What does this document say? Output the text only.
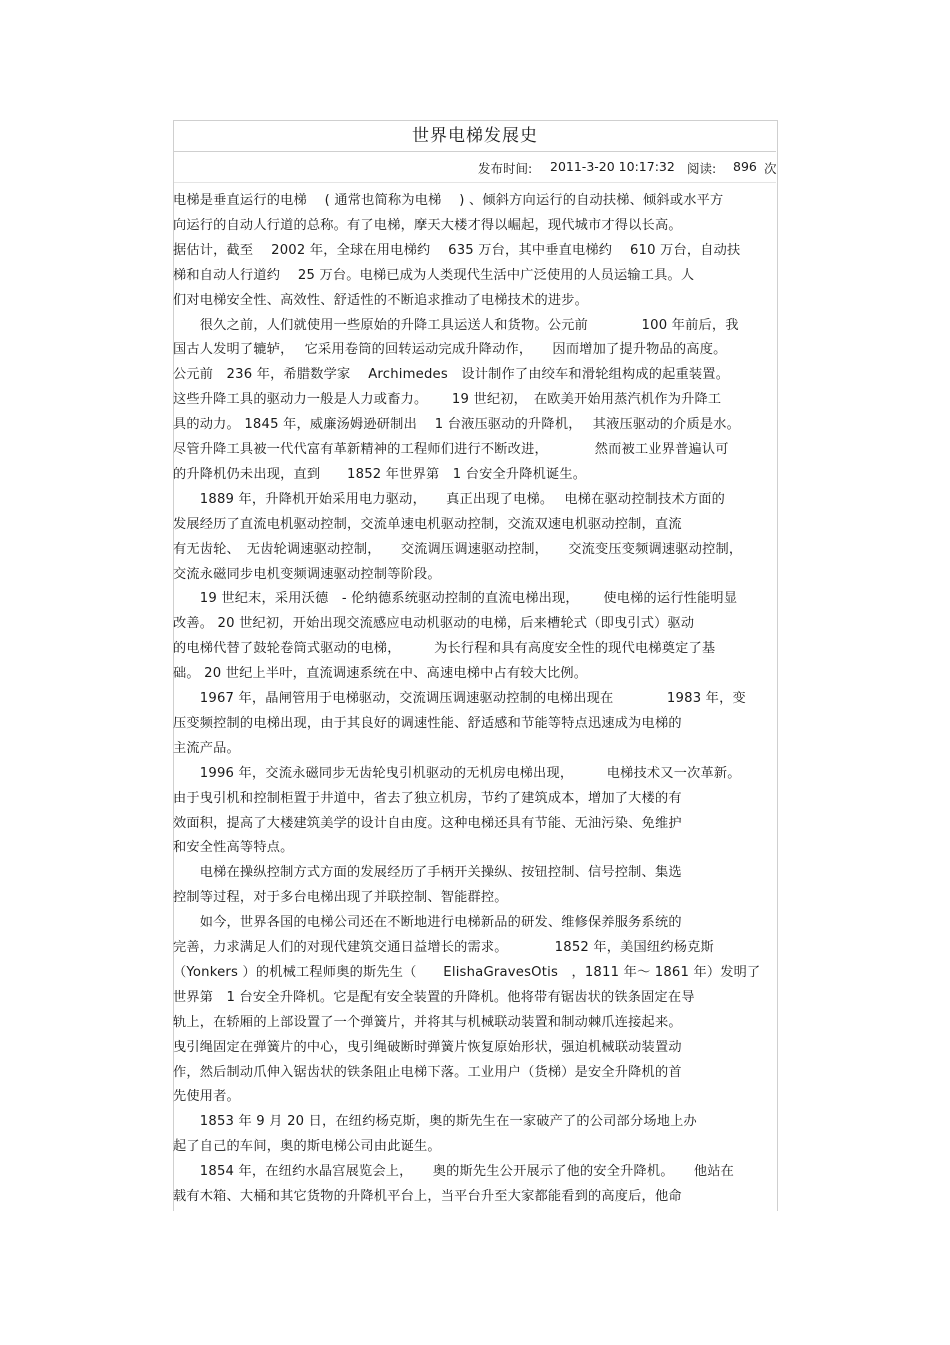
世界电梯发展史
发布时间: 2011-3-20 10:17:32 阅读: 896 次
电梯是垂直运行的电梯　 ( 通常也简称为电梯　 ) 、倾斜方向运行的自动扶梯、倾斜或水平方
向运行的自动人行道的总称。有了电梯，摩天大楼才得以崛起，现代城市才得以长高。
据估计，截至　 2002 年，全球在用电梯约　 635 万台，其中垂直电梯约　 610 万台，自动扶
梯和自动人行道约　 25 万台。电梯已成为人类现代生活中广泛使用的人员运输工具。人
们对电梯安全性、高效性、舒适性的不断追求推动了电梯技术的进步。
　　很久之前，人们就使用一些原始的升降工具运送人和货物。公元前　　　　100 年前后，我
国古人发明了辘轳，　 它采用卷筒的回转运动完成升降动作，　　因而增加了提升物品的高度。
公元前　236 年，希腊数学家　 Archimedes　设计制作了由绞车和滑轮组构成的起重装置。
这些升降工具的驱动力一般是人力或畜力。　　 19 世纪初，　在欧美开始用蒸汽机作为升降工
具的动力。 1845 年，威廉汤姆逊研制出　 1 台液压驱动的升降机，　 其液压驱动的介质是水。
尽管升降工具被一代代富有革新精神的工程师们进行不断改进，　　　　然而被工业界普遍认可
的升降机仍未出现，直到　　1852 年世界第　1 台安全升降机诞生。
　　1889 年，升降机开始采用电力驱动，　　真正出现了电梯。　 电梯在驱动控制技术方面的
发展经历了直流电机驱动控制，交流单速电机驱动控制，交流双速电机驱动控制，直流
有无齿轮、　无齿轮调速驱动控制，　　交流调压调速驱动控制，　　交流变压变频调速驱动控制，
交流永磁同步电机变频调速驱动控制等阶段。
　　19 世纪末，采用沃德　- 伦纳德系统驱动控制的直流电梯出现，　　 使电梯的运行性能明显
改善。 20 世纪初，开始出现交流感应电动机驱动的电梯，后来槽轮式（即曳引式）驱动
的电梯代替了鼓轮卷筒式驱动的电梯，　　　为长行程和具有高度安全性的现代电梯奠定了基
础。 20 世纪上半叶，直流调速系统在中、高速电梯中占有较大比例。
　　1967 年，晶闸管用于电梯驱动，交流调压调速驱动控制的电梯出现在　　　　1983 年，变
压变频控制的电梯出现，由于其良好的调速性能、舒适感和节能等特点迅速成为电梯的
主流产品。
　　1996 年，交流永磁同步无齿轮曳引机驱动的无机房电梯出现，　　　电梯技术又一次革新。
由于曳引机和控制柜置于井道中，省去了独立机房，节约了建筑成本，增加了大楼的有
效面积，提高了大楼建筑美学的设计自由度。这种电梯还具有节能、无油污染、免维护
和安全性高等特点。
　　电梯在操纵控制方式方面的发展经历了手柄开关操纵、按钮控制、信号控制、集选
控制等过程，对于多台电梯出现了并联控制、智能群控。
　　如今，世界各国的电梯公司还在不断地进行电梯新品的研发、维修保养服务系统的
完善，力求满足人们的对现代建筑交通日益增长的需求。　　　　1852 年，美国纽约杨克斯
（Yonkers ）的机械工程师奥的斯先生（　　ElishaGravesOtis　，1811 年～ 1861 年）发明了
世界第　1 台安全升降机。它是配有安全装置的升降机。他将带有锯齿状的铁条固定在导
轨上，在轿厢的上部设置了一个弹簧片，并将其与机械联动装置和制动棘爪连接起来。
曳引绳固定在弹簧片的中心，曳引绳破断时弹簧片恢复原始形状，强迫机械联动装置动
作，然后制动爪伸入锯齿状的铁条阻止电梯下落。工业用户（货梯）是安全升降机的首
先使用者。
　　1853 年 9 月 20 日，在纽约杨克斯，奥的斯先生在一家破产了的公司部分场地上办
起了自己的车间，奥的斯电梯公司由此诞生。
　　1854 年，在纽约水晶宫展览会上，　　奥的斯先生公开展示了他的安全升降机。　　他站在
载有木箱、大桶和其它货物的升降机平台上，当平台升至大家都能看到的高度后，他命
